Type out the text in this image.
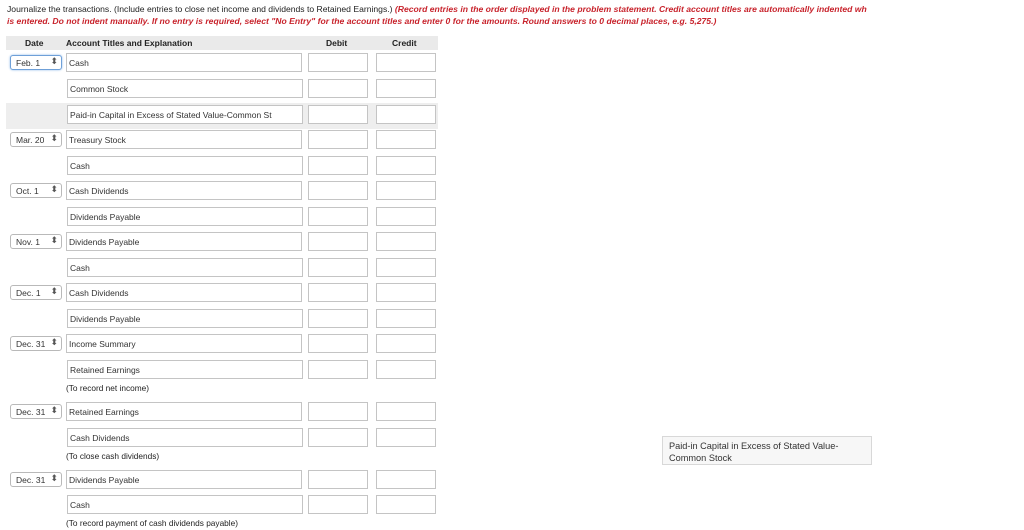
Journalize the transactions. (Include entries to close net income and dividends to Retained Earnings.) (Record entries in the order displayed in the problem statement. Credit account titles are automatically indented wh
is entered. Do not indent manually. If no entry is required, select "No Entry" for the account titles and enter 0 for the amounts. Round answers to 0 decimal places, e.g. 5,275.)
Date	Account Titles and Explanation	Debit	Credit
Feb. 1 ⬍	Cash
Common Stock
Paid-in Capital in Excess of Stated Value-Common St
Mar. 20 ⬍	Treasury Stock
Cash
Oct. 1 ⬍	Cash Dividends
Dividends Payable
Nov. 1 ⬍	Dividends Payable
Cash
Dec. 1 ⬍	Cash Dividends
Dividends Payable
Dec. 31 ⬍	Income Summary
Retained Earnings
(To record net income)
Dec. 31 ⬍	Retained Earnings
Cash Dividends
(To close cash dividends)
Dec. 31 ⬍	Dividends Payable
Cash
(To record payment of cash dividends payable)
Paid-in Capital in Excess of Stated Value-
Common Stock
